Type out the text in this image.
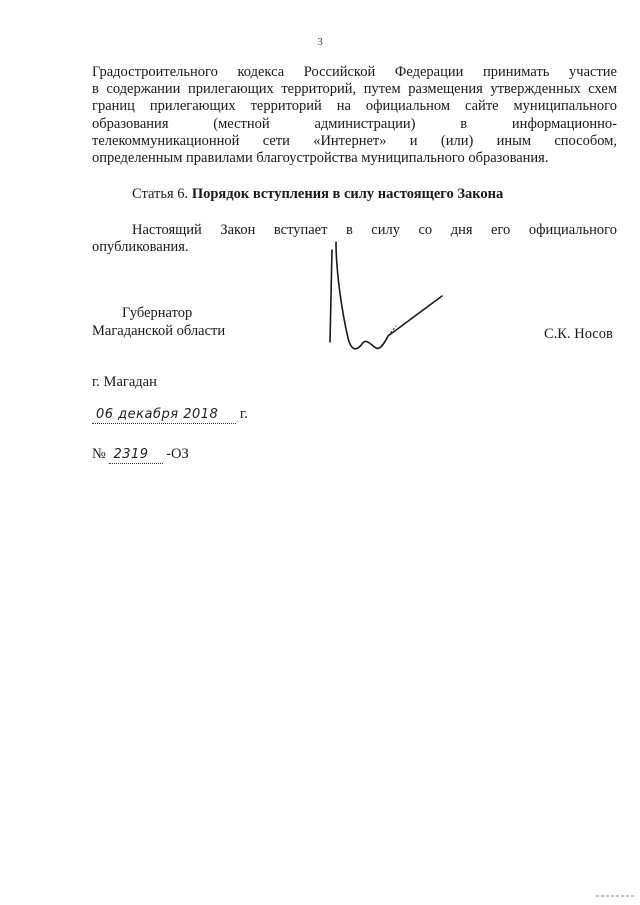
3
Градостроительного кодекса Российской Федерации принимать участие
в содержании прилегающих территорий, путем размещения утвержденных схем
границ прилегающих территорий на официальном сайте муниципального
образования (местной администрации) в информационно-
телекоммуникационной сети «Интернет» и (или) иным способом,
определенным правилами благоустройства муниципального образования.
Статья 6. Порядок вступления в силу настоящего Закона
Настоящий Закон вступает в силу со дня его официального
опубликования.
Губернатор
Магаданской области	С.К. Носов
г. Магадан
06 декабря 2018 г.
№ 2319 -ОЗ
